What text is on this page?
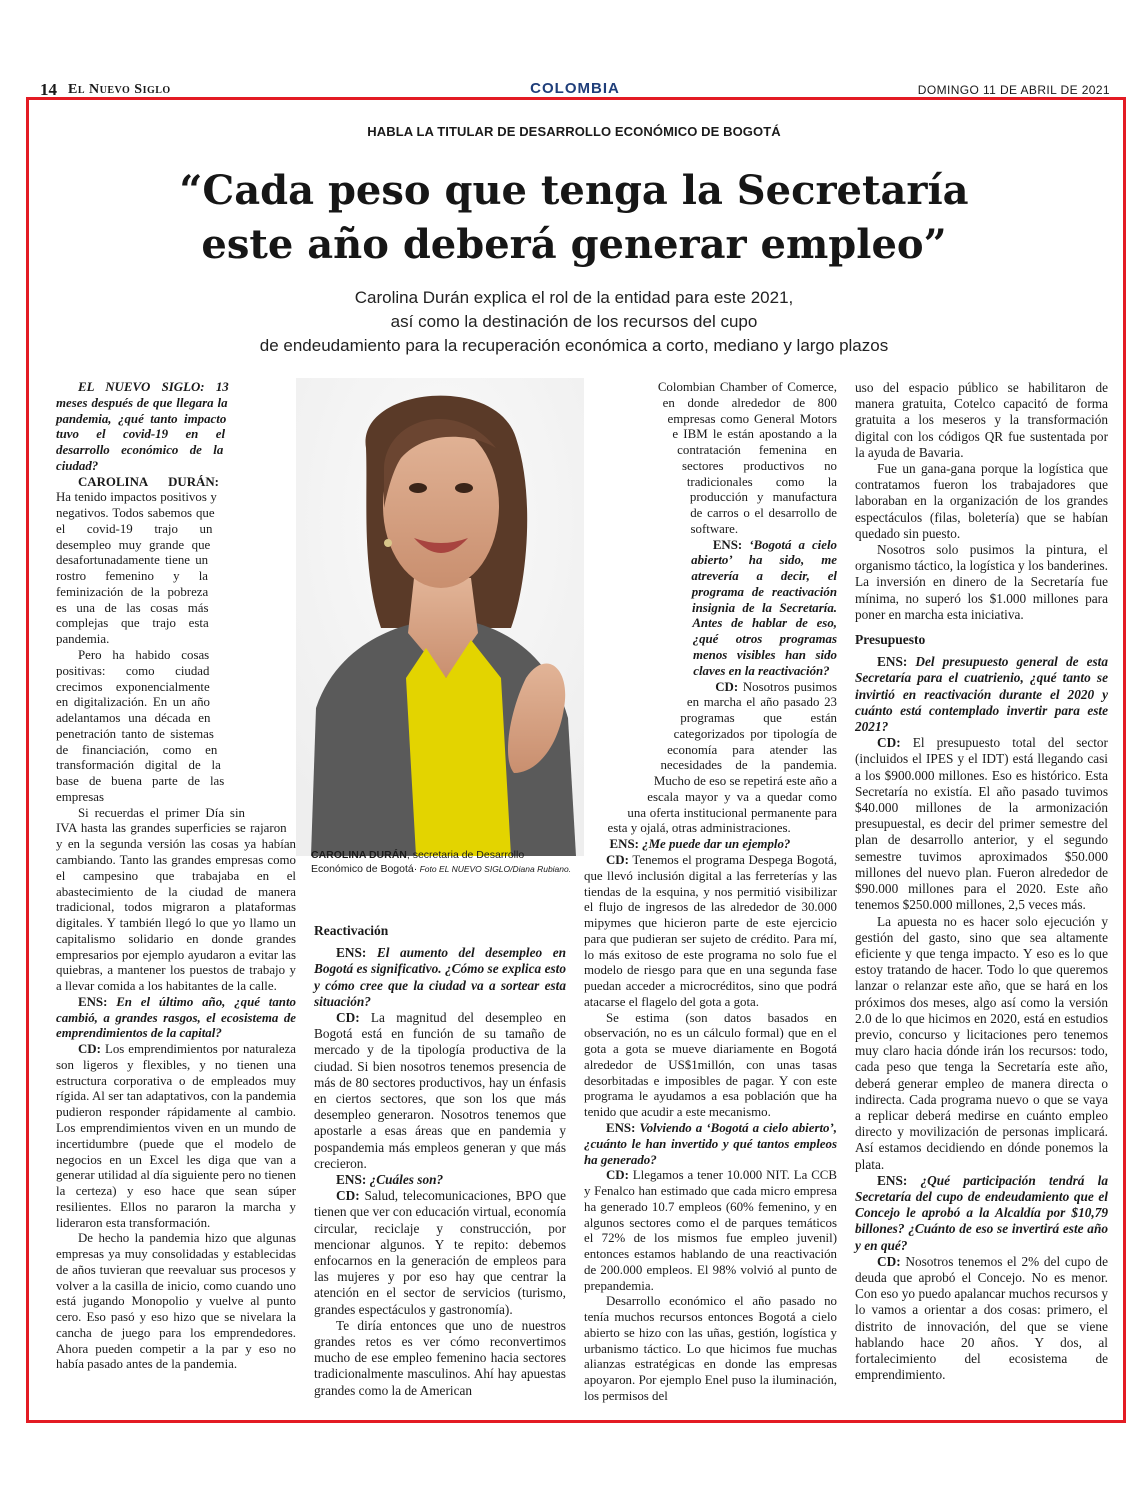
14 El Nuevo Siglo	COLOMBIA	DOMINGO 11 DE ABRIL DE 2021
HABLA LA TITULAR DE DESARROLLO ECONÓMICO DE BOGOTÁ
“Cada peso que tenga la Secretaría
este año deberá generar empleo”
Carolina Durán explica el rol de la entidad para este 2021,
así como la destinación de los recursos del cupo
de endeudamiento para la recuperación económica a corto, mediano y largo plazos
CAROLINA DURÁN, secretaria de Desarrollo Económico de Bogotá· Foto EL NUEVO SIGLO/Diana Rubiano.

EL NUEVO SIGLO: 13 meses después de que llegara la pandemia, ¿qué tanto impacto tuvo el covid-19 en el desarrollo económico de la ciudad?

CAROLINA DURÁN: Ha tenido impactos positivos y negativos. Todos sabemos que el covid-19 trajo un desempleo muy grande que desafortunadamente tiene un rostro femenino y la feminización de la pobreza es una de las cosas más complejas que trajo esta pandemia.

Pero ha habido cosas positivas: como ciudad crecimos exponencialmente en digitalización. En un año adelantamos una década en penetración tanto de sistemas de financiación, como en transformación digital de la base de buena parte de las empresas

Si recuerdas el primer Día sin IVA hasta las grandes superficies se rajaron y en la segunda versión las cosas ya habían cambiando. Tanto las grandes empresas como el campesino que trabajaba en el abastecimiento de la ciudad de manera tradicional, todos migraron a plataformas digitales. Y también llegó lo que yo llamo un capitalismo solidario en donde grandes empresarios por ejemplo ayudaron a evitar las quiebras, a mantener los puestos de trabajo y a llevar comida a los habitantes de la calle.

ENS: En el último año, ¿qué tanto cambió, a grandes rasgos, el ecosistema de emprendimientos de la capital?

CD: Los emprendimientos por naturaleza son ligeros y flexibles, y no tienen una estructura corporativa o de empleados muy rígida. Al ser tan adaptativos, con la pandemia pudieron responder rápidamente al cambio. Los emprendimientos viven en un mundo de incertidumbre (puede que el modelo de negocios en un Excel les diga que van a generar utilidad al día siguiente pero no tienen la certeza) y eso hace que sean súper resilientes. Ellos no pararon la marcha y lideraron esta transformación.

De hecho la pandemia hizo que algunas empresas ya muy consolidadas y establecidas de años tuvieran que reevaluar sus procesos y volver a la casilla de inicio, como cuando uno está jugando Monopolio y vuelve al punto cero. Eso pasó y eso hizo que se nivelara la cancha de juego para los emprendedores. Ahora pueden competir a la par y eso no había pasado antes de la pandemia.

Reactivación

ENS: El aumento del desempleo en Bogotá es significativo. ¿Cómo se explica esto y cómo cree que la ciudad va a sortear esta situación?

CD: La magnitud del desempleo en Bogotá está en función de su tamaño de mercado y de la tipología productiva de la ciudad. Si bien nosotros tenemos presencia de más de 80 sectores productivos, hay un énfasis en ciertos sectores, que son los que más desempleo generaron. Nosotros tenemos que apostarle a esas áreas que en pandemia y pospandemia más empleos generan y que más crecieron.

ENS: ¿Cuáles son?

CD: Salud, telecomunicaciones, BPO que tienen que ver con educación virtual, economía circular, reciclaje y construcción, por mencionar algunos. Y te repito: debemos enfocarnos en la generación de empleos para las mujeres y por eso hay que centrar la atención en el sector de servicios (turismo, grandes espectáculos y gastronomía).

Te diría entonces que uno de nuestros grandes retos es ver cómo reconvertimos mucho de ese empleo femenino hacia sectores tradicionalmente masculinos. Ahí hay apuestas grandes como la de American

Colombian Chamber of Comerce, en donde alrededor de 800 empresas como General Motors e IBM le están apostando a la contratación femenina en sectores productivos no tradicionales como la producción y manufactura de carros o el desarrollo de software.

ENS: ‘Bogotá a cielo abierto’ ha sido, me atrevería a decir, el programa de reactivación insignia de la Secretaría. Antes de hablar de eso, ¿qué otros programas menos visibles han sido claves en la reactivación?

CD: Nosotros pusimos en marcha el año pasado 23 programas que están categorizados por tipología de economía para atender las necesidades de la pandemia. Mucho de eso se repetirá este año a escala mayor y va a quedar como una oferta institucional permanente para esta y ojalá, otras administraciones.

ENS: ¿Me puede dar un ejemplo?

CD: Tenemos el programa Despega Bogotá, que llevó inclusión digital a las ferreterías y las tiendas de la esquina, y nos permitió visibilizar el flujo de ingresos de las alrededor de 30.000 mipymes que hicieron parte de este ejercicio para que pudieran ser sujeto de crédito. Para mí, lo más exitoso de este programa no solo fue el modelo de riesgo para que en una segunda fase puedan acceder a microcréditos, sino que podrá atacarse el flagelo del gota a gota.

Se estima (son datos basados en observación, no es un cálculo formal) que en el gota a gota se mueve diariamente en Bogotá alrededor de US$1millón, con unas tasas desorbitadas e imposibles de pagar. Y con este programa le ayudamos a esa población que ha tenido que acudir a este mecanismo.

ENS: Volviendo a ‘Bogotá a cielo abierto’, ¿cuánto le han invertido y qué tantos empleos ha generado?

CD: Llegamos a tener 10.000 NIT. La CCB y Fenalco han estimado que cada micro empresa ha generado 10.7 empleos (60% femenino, y en algunos sectores como el de parques temáticos el 72% de los mismos fue empleo juvenil) entonces estamos hablando de una reactivación de 200.000 empleos. El 98% volvió al punto de prepandemia.

Desarrollo económico el año pasado no tenía muchos recursos entonces Bogotá a cielo abierto se hizo con las uñas, gestión, logística y urbanismo táctico. Lo que hicimos fue muchas alianzas estratégicas en donde las empresas apoyaron. Por ejemplo Enel puso la iluminación, los permisos del

uso del espacio público se habilitaron de manera gratuita, Cotelco capacitó de forma gratuita a los meseros y la transformación digital con los códigos QR fue sustentada por la ayuda de Bavaria.

Fue un gana-gana porque la logística que contratamos fueron los trabajadores que laboraban en la organización de los grandes espectáculos (filas, boletería) que se habían quedado sin puesto.

Nosotros solo pusimos la pintura, el organismo táctico, la logística y los banderines. La inversión en dinero de la Secretaría fue mínima, no superó los $1.000 millones para poner en marcha esta iniciativa.

Presupuesto

ENS: Del presupuesto general de esta Secretaría para el cuatrienio, ¿qué tanto se invirtió en reactivación durante el 2020 y cuánto está contemplado invertir para este 2021?

CD: El presupuesto total del sector (incluidos el IPES y el IDT) está llegando casi a los $900.000 millones. Eso es histórico. Esta Secretaría no existía. El año pasado tuvimos $40.000 millones de la armonización presupuestal, es decir del primer semestre del plan de desarrollo anterior, y el segundo semestre tuvimos aproximados $50.000 millones del nuevo plan. Fueron alrededor de $90.000 millones para el 2020. Este año tenemos $250.000 millones, 2,5 veces más.

La apuesta no es hacer solo ejecución y gestión del gasto, sino que sea altamente eficiente y que tenga impacto. Y eso es lo que estoy tratando de hacer. Todo lo que queremos lanzar o relanzar este año, que se hará en los próximos dos meses, algo así como la versión 2.0 de lo que hicimos en 2020, está en estudios previo, concurso y licitaciones pero tenemos muy claro hacia dónde irán los recursos: todo, cada peso que tenga la Secretaría este año, deberá generar empleo de manera directa o indirecta. Cada programa nuevo o que se vaya a replicar deberá medirse en cuánto empleo directo y movilización de personas implicará. Así estamos decidiendo en dónde ponemos la plata.

ENS: ¿Qué participación tendrá la Secretaría del cupo de endeudamiento que el Concejo le aprobó a la Alcaldía por $10,79 billones? ¿Cuánto de eso se invertirá este año y en qué?

CD: Nosotros tenemos el 2% del cupo de deuda que aprobó el Concejo. No es menor. Con eso yo puedo apalancar muchos recursos y lo vamos a orientar a dos cosas: primero, el distrito de innovación, del que se viene hablando hace 20 años. Y dos, al fortalecimiento del ecosistema de emprendimiento.
